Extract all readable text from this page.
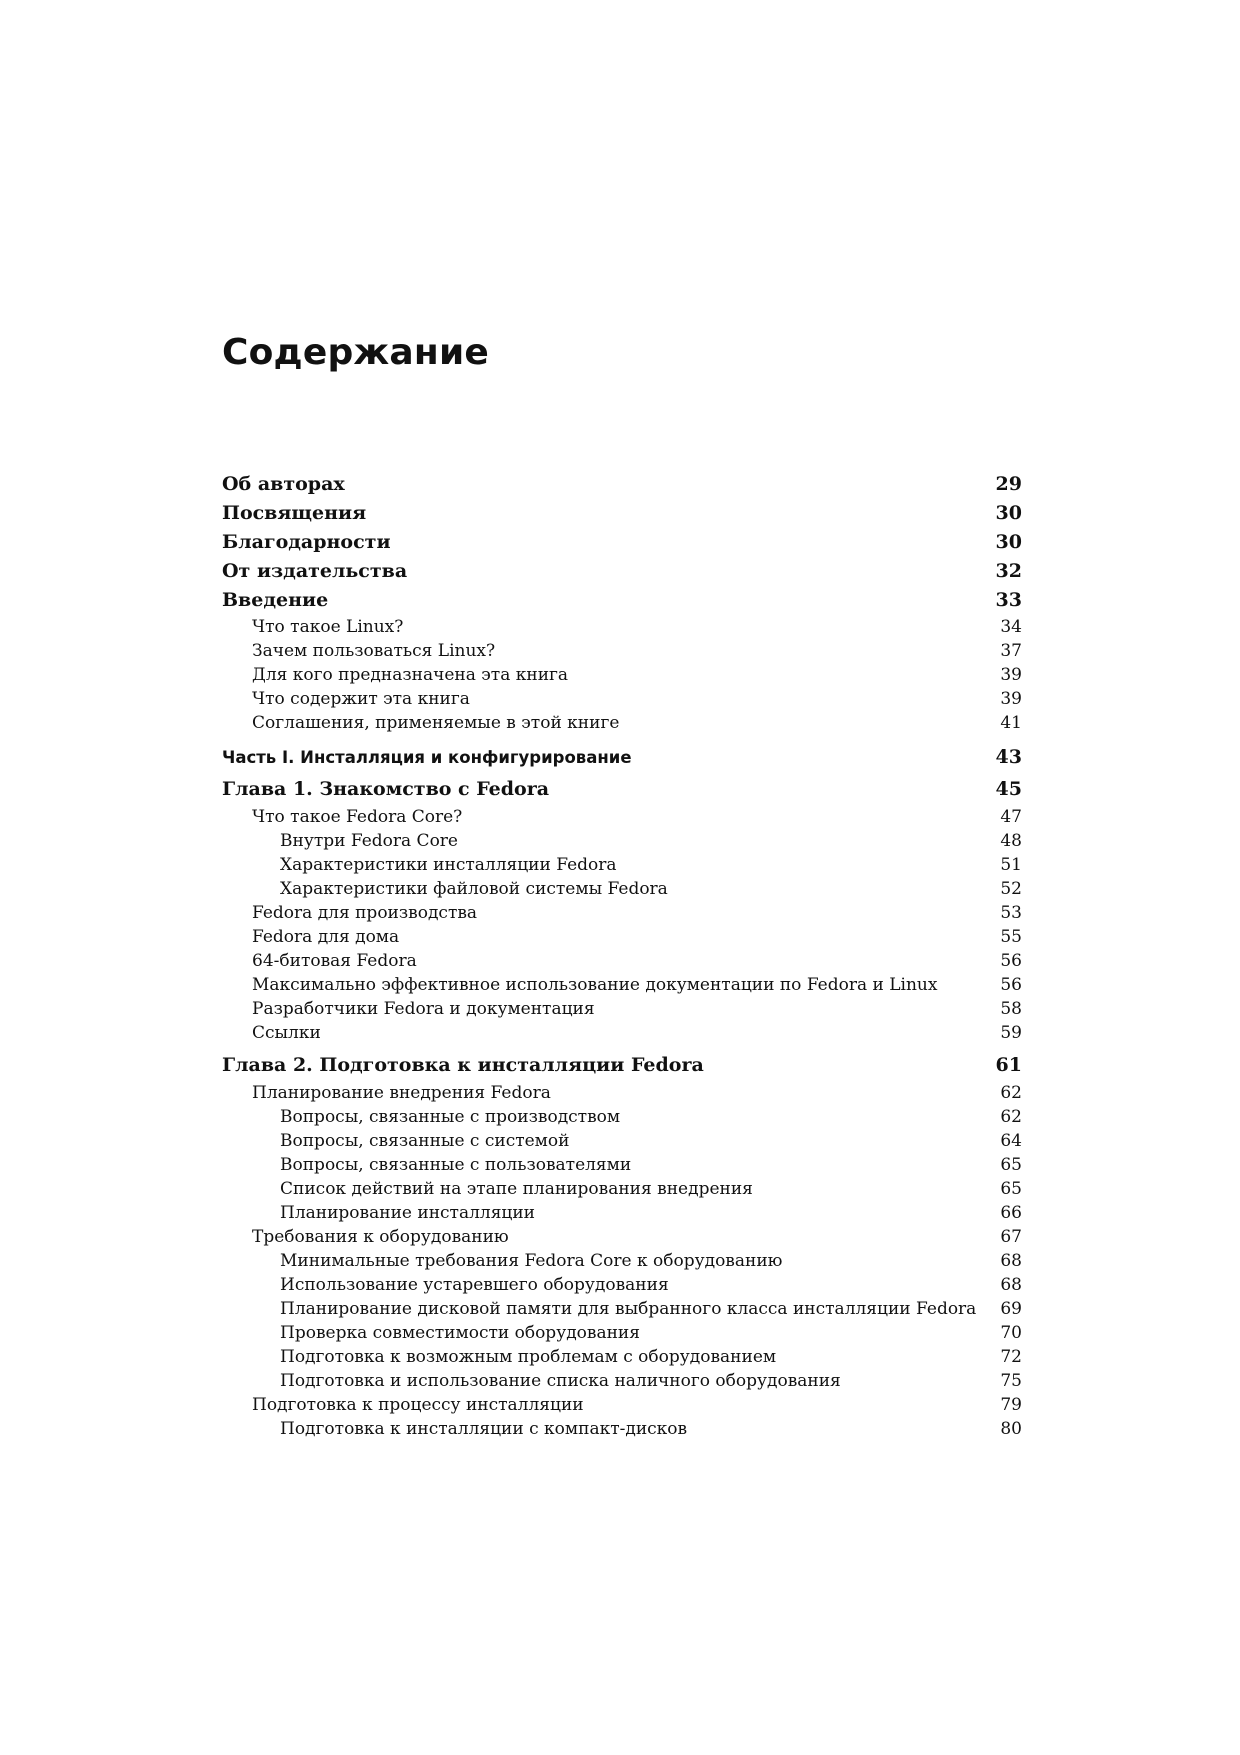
Содержание
Об авторах	29
Посвящения	30
Благодарности	30
От издательства	32
Введение	33
Что такое Linux?	34
Зачем пользоваться Linux?	37
Для кого предназначена эта книга	39
Что содержит эта книга	39
Соглашения, применяемые в этой книге	41
Часть I. Инсталляция и конфигурирование	43
Глава 1. Знакомство с Fedora	45
Что такое Fedora Core?	47
Внутри Fedora Core	48
Характеристики инсталляции Fedora	51
Характеристики файловой системы Fedora	52
Fedora для производства	53
Fedora для дома	55
64-битовая Fedora	56
Максимально эффективное использование документации по Fedora и Linux	56
Разработчики Fedora и документация	58
Ссылки	59
Глава 2. Подготовка к инсталляции Fedora	61
Планирование внедрения Fedora	62
Вопросы, связанные с производством	62
Вопросы, связанные с системой	64
Вопросы, связанные с пользователями	65
Список действий на этапе планирования внедрения	65
Планирование инсталляции	66
Требования к оборудованию	67
Минимальные требования Fedora Core к оборудованию	68
Использование устаревшего оборудования	68
Планирование дисковой памяти для выбранного класса инсталляции Fedora 69
Проверка совместимости оборудования	70
Подготовка к возможным проблемам с оборудованием	72
Подготовка и использование списка наличного оборудования	75
Подготовка к процессу инсталляции	79
Подготовка к инсталляции с компакт-дисков	80
